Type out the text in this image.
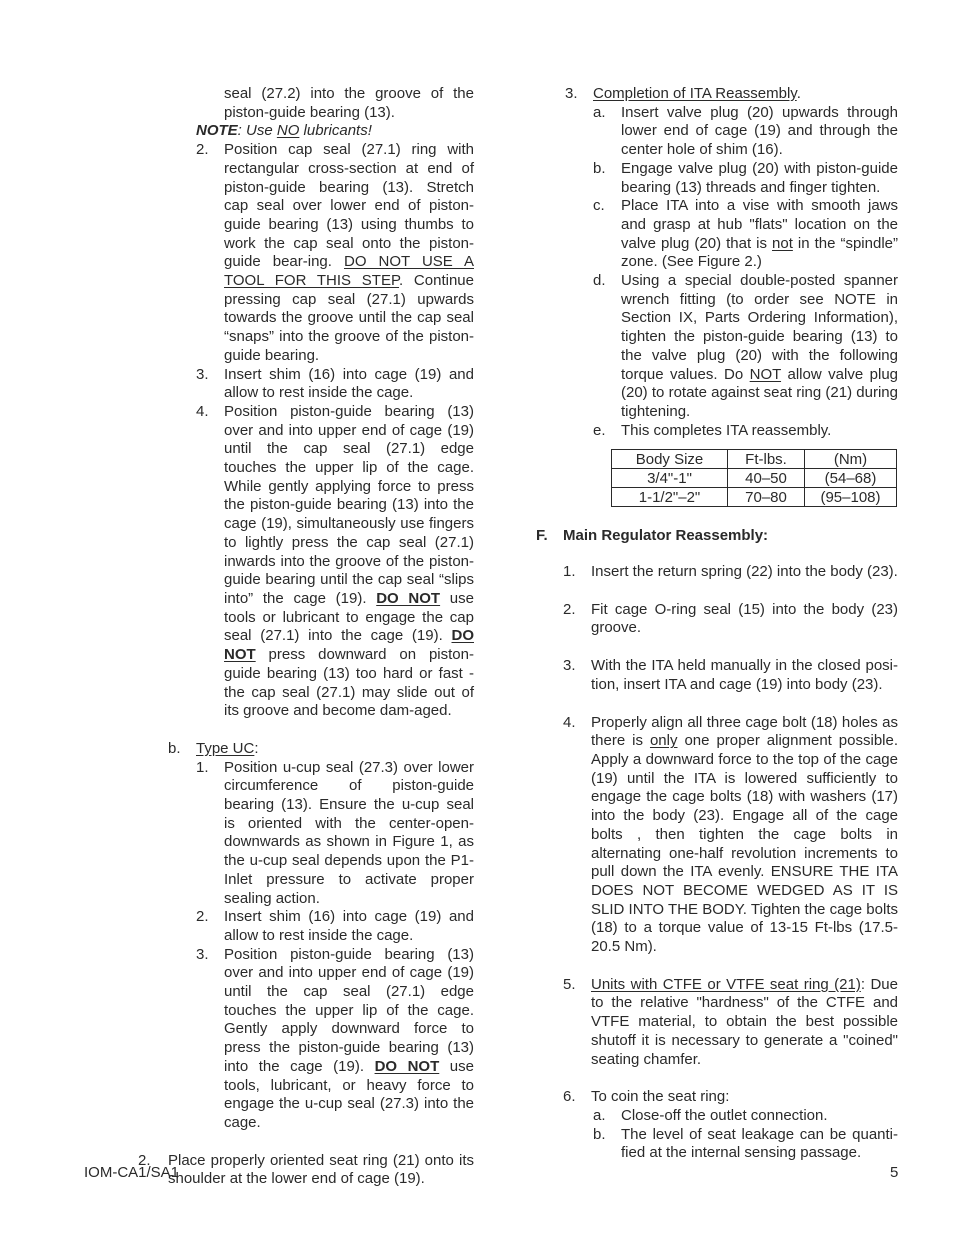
seal (27.2) into the groove of the piston-guide bearing (13).
NOTE: Use NO lubricants!
2. Position cap seal (27.1) ring with rectangular cross-section at end of piston-guide bearing (13). Stretch cap seal over lower end of piston-guide bearing (13) using thumbs to work the cap seal onto the piston-guide bear-ing. DO NOT USE A TOOL FOR THIS STEP. Continue pressing cap seal (27.1) upwards towards the groove until the cap seal “snaps” into the groove of the piston-guide bearing.
3. Insert shim (16) into cage (19) and allow to rest inside the cage.
4. Position piston-guide bearing (13) over and into upper end of cage (19) until the cap seal (27.1) edge touches the upper lip of the cage. While gently applying force to press the piston-guide bearing (13) into the cage (19), simultaneously use fingers to lightly press the cap seal (27.1) inwards into the groove of the piston-guide bearing until the cap seal “slips into” the cage (19). DO NOT use tools or lubricant to engage the cap seal (27.1) into the cage (19). DO NOT press downward on piston-guide bearing (13) too hard or fast - the cap seal (27.1) may slide out of its groove and become dam-aged.
b. Type UC:
1. Position u-cup seal (27.3) over lower circumference of piston-guide bearing (13). Ensure the u-cup seal is oriented with the center-open-downwards as shown in Figure 1, as the u-cup seal depends upon the P1-Inlet pressure to activate proper sealing action.
2. Insert shim (16) into cage (19) and allow to rest inside the cage.
3. Position piston-guide bearing (13) over and into upper end of cage (19) until the cap seal (27.1) edge touches the upper lip of the cage. Gently apply downward force to press the piston-guide bearing (13) into the cage (19). DO NOT use tools, lubricant, or heavy force to engage the u-cup seal (27.3) into the cage.
2. Place properly oriented seat ring (21) onto its shoulder at the lower end of cage (19).
3. Completion of ITA Reassembly.
a. Insert valve plug (20) upwards through lower end of cage (19) and through the center hole of shim (16).
b. Engage valve plug (20) with piston-guide bearing (13) threads and finger tighten.
c. Place ITA into a vise with smooth jaws and grasp at hub "flats" location on the valve plug (20) that is not in the “spindle” zone. (See Figure 2.)
d. Using a special double-posted spanner wrench fitting (to order see NOTE in Section IX, Parts Ordering Information), tighten the piston-guide bearing (13) to the valve plug (20) with the following torque values. Do NOT allow valve plug (20) to rotate against seat ring (21) during tightening.
e. This completes ITA reassembly.
Body Size	Ft-lbs.	(Nm)
3/4"-1"	40–50	(54–68)
1-1/2"–2"	70–80	(95–108)
F. Main Regulator Reassembly:
1. Insert the return spring (22) into the body (23).
2. Fit cage O-ring seal (15) into the body (23) groove.
3. With the ITA held manually in the closed posi-tion, insert ITA and cage (19) into body (23).
4. Properly align all three cage bolt (18) holes as there is only one proper alignment possible. Apply a downward force to the top of the cage (19) until the ITA is lowered sufficiently to engage the cage bolts (18) with washers (17) into the body (23). Engage all of the cage bolts , then tighten the cage bolts in alternating one-half revolution increments to pull down the ITA evenly. ENSURE THE ITA DOES NOT BECOME WEDGED AS IT IS SLID INTO THE BODY. Tighten the cage bolts (18) to a torque value of 13-15 Ft-lbs (17.5-20.5 Nm).
5. Units with CTFE or VTFE seat ring (21): Due to the relative "hardness" of the CTFE and VTFE material, to obtain the best possible shutoff it is necessary to generate a "coined" seating chamfer.
6. To coin the seat ring:
a. Close-off the outlet connection.
b. The level of seat leakage can be quanti-fied at the internal sensing passage.
IOM-CA1/SA1	5
